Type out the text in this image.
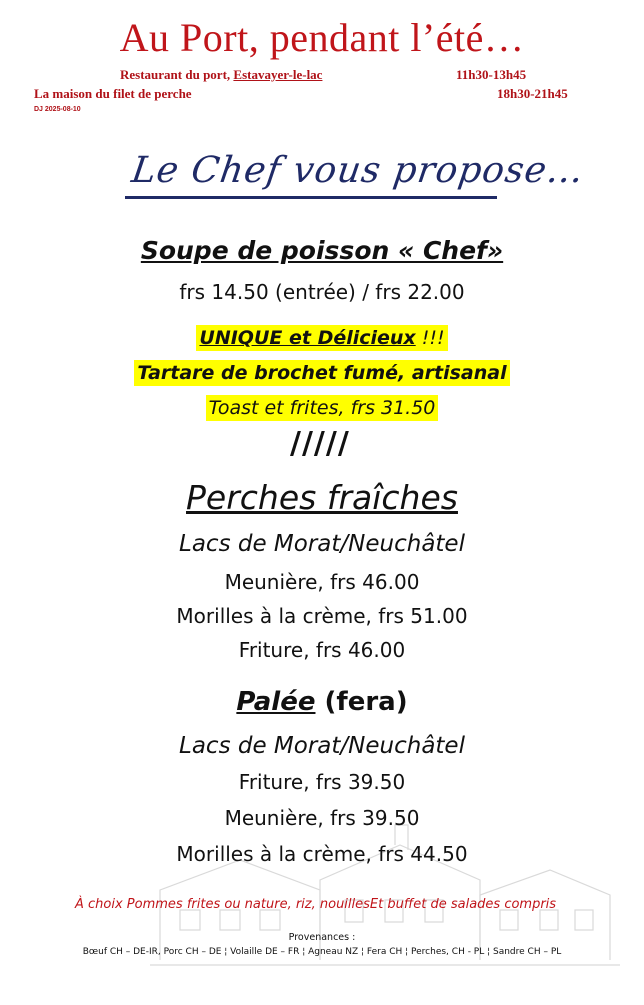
Au Port, pendant l’été…
Restaurant du port, Estavayer-le-lac	11h30-13h45
La maison du filet de perche	18h30-21h45
DJ 2025-08-10
Le Chef vous propose…
Soupe de poisson « Chef»
frs 14.50 (entrée) / frs 22.00
UNIQUE et Délicieux !!!
Tartare de brochet fumé, artisanal
Toast et frites, frs 31.50
/////
Perches fraîches
Lacs de Morat/Neuchâtel
Meunière, frs 46.00
Morilles à la crème, frs 51.00
Friture, frs 46.00
Palée (fera)
Lacs de Morat/Neuchâtel
Friture, frs 39.50
Meunière, frs 39.50
Morilles à la crème, frs 44.50
À choix Pommes frites ou nature, riz, nouillesEt buffet de salades compris
Provenances :
Bœuf CH – DE-IR, Porc CH – DE ¦ Volaille DE – FR ¦ Agneau NZ ¦ Fera CH ¦ Perches, CH - PL ¦ Sandre CH – PL
